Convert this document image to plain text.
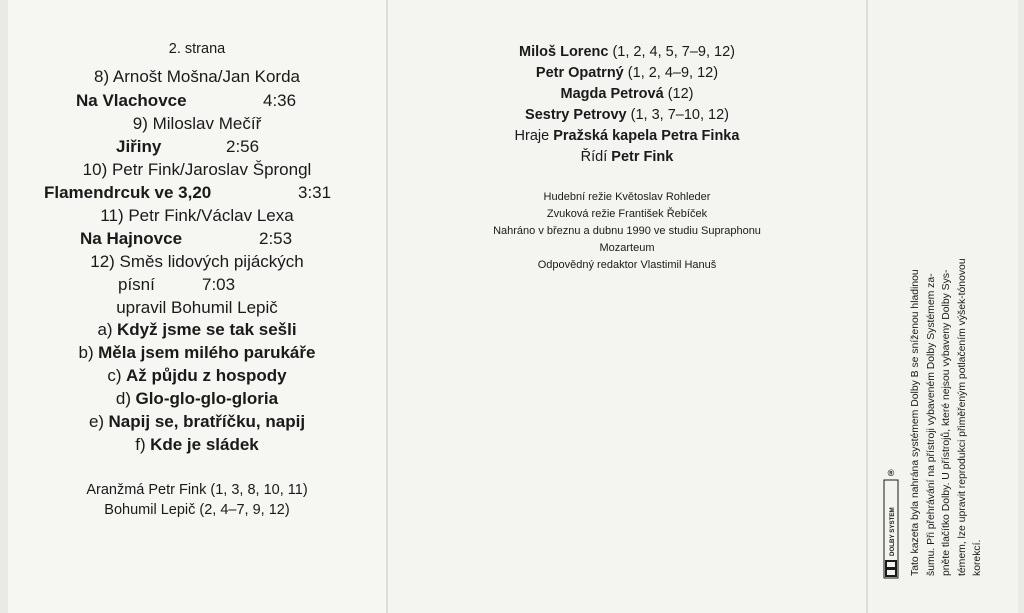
2. strana
8) Arnošt Mošna/Jan Korda
Na Vlachovce	4:36
9) Miloslav Mečíř
Jiřiny	2:56
10) Petr Fink/Jaroslav Šprongl
Flamendrcuk ve 3,20	3:31
11) Petr Fink/Václav Lexa
Na Hajnovce	2:53
12) Směs lidových pijáckých
písní	7:03
upravil Bohumil Lepič
a) Když jsme se tak sešli
b) Měla jsem milého parukáře
c) Až půjdu z hospody
d) Glo-glo-glo-gloria
e) Napij se, bratříčku, napij
f) Kde je sládek
Aranžmá Petr Fink (1, 3, 8, 10, 11)
Bohumil Lepič (2, 4–7, 9, 12)
Miloš Lorenc (1, 2, 4, 5, 7–9, 12)
Petr Opatrný (1, 2, 4–9, 12)
Magda Petrová (12)
Sestry Petrovy (1, 3, 7–10, 12)
Hraje Pražská kapela Petra Finka
Řídí Petr Fink
Hudební režie Květoslav Rohleder
Zvuková režie František Řebíček
Nahráno v březnu a dubnu 1990 ve studiu Supraphonu
Mozarteum
Odpovědný redaktor Vlastimil Hanuš
®
DOLBY SYSTEM Tato kazeta byla nahrána systémem Dolby B se sníženou hladinou šumu. Při přehrávání na přístroji vybaveném Dolby Systémem za- pněte tlačítko Dolby. U přístrojů, které nejsou vybaveny Dolby Sys- témem, lze upravit reprodukci přiměřeným potlačením výšek-tónovou korekcí.
